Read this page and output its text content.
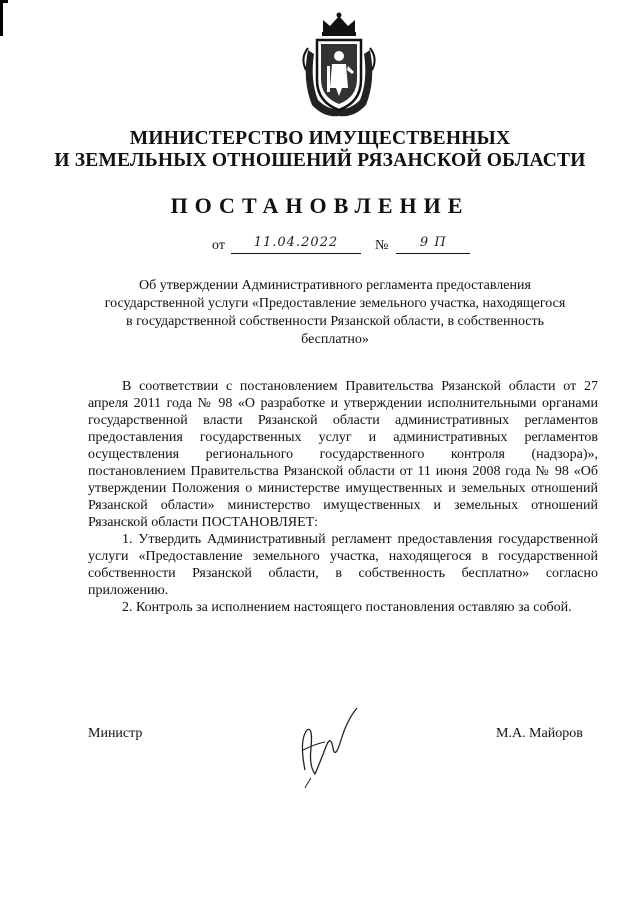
МИНИСТЕРСТВО ИМУЩЕСТВЕННЫХ
И ЗЕМЕЛЬНЫХ ОТНОШЕНИЙ РЯЗАНСКОЙ ОБЛАСТИ
ПОСТАНОВЛЕНИЕ
от	11.04.2022	№	9 П
Об утверждении Административного регламента предоставления
государственной услуги «Предоставление земельного участка, находящегося
в государственной собственности Рязанской области, в собственность
бесплатно»

В соответствии с постановлением Правительства Рязанской области от 27 апреля 2011 года № 98 «О разработке и утверждении исполнительными органами государственной власти Рязанской области административных регламентов предоставления государственных услуг и административных регламентов осуществления регионального государственного контроля (надзора)», постановлением Правительства Рязанской области от 11 июня 2008 года № 98 «Об утверждении Положения о министерстве имущественных и земельных отношений Рязанской области» министерство имущественных и земельных отношений Рязанской области ПОСТАНОВЛЯЕТ:

1. Утвердить Административный регламент предоставления государственной услуги «Предоставление земельного участка, находящегося в государственной собственности Рязанской области, в собственность бесплатно» согласно приложению.

2. Контроль за исполнением настоящего постановления оставляю за собой.

Министр	М.А. Майоров
